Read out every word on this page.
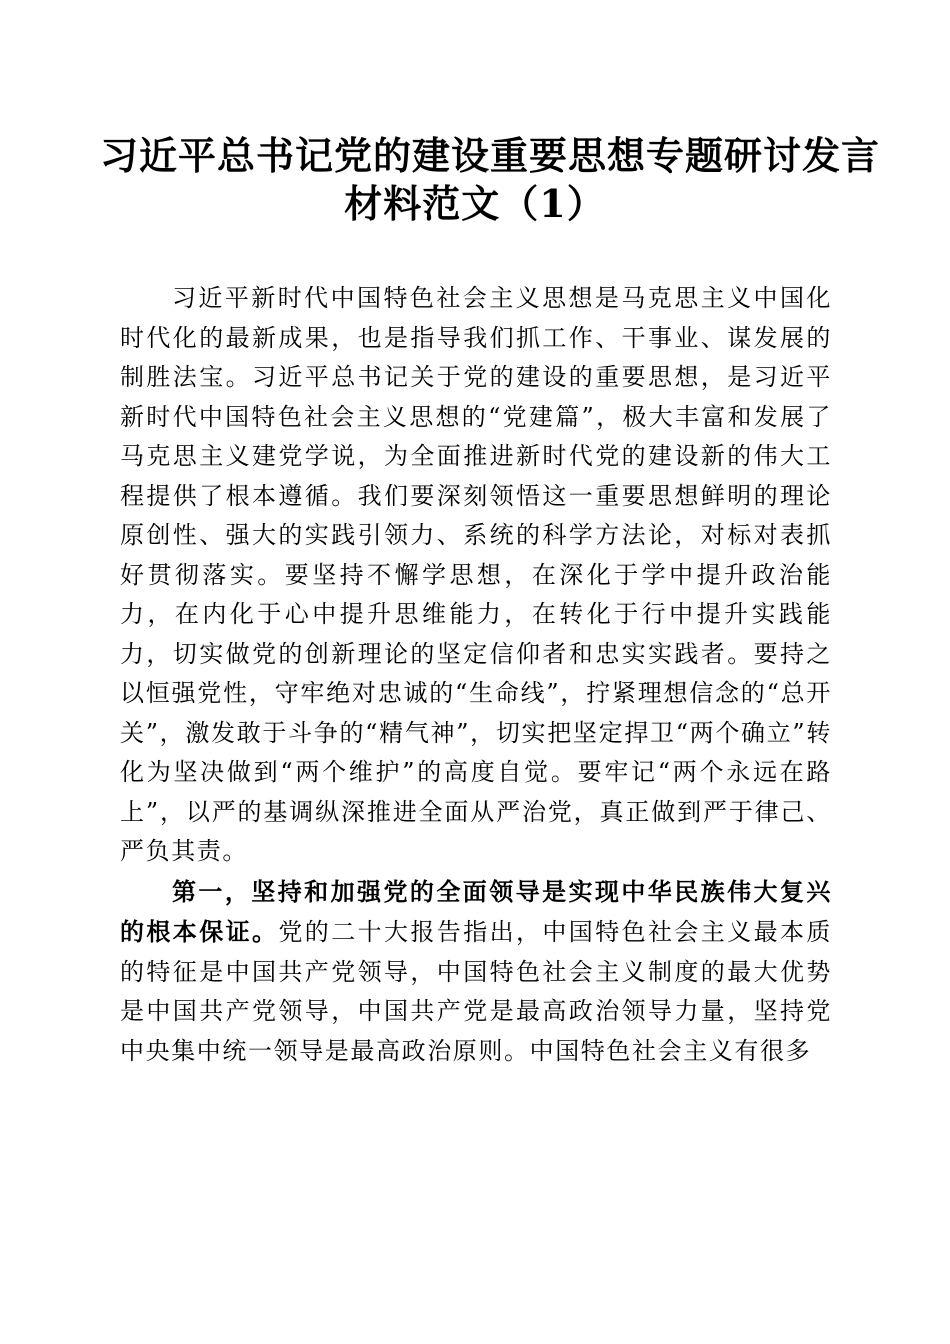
习近平总书记党的建设重要思想专题研讨发言
材料范文（1）

习近平新时代中国特色社会主义思想是马克思主义中国化时代化的最新成果，也是指导我们抓工作、干事业、谋发展的制胜法宝。习近平总书记关于党的建设的重要思想，是习近平新时代中国特色社会主义思想的“党建篇”，极大丰富和发展了马克思主义建党学说，为全面推进新时代党的建设新的伟大工程提供了根本遵循。我们要深刻领悟这一重要思想鲜明的理论原创性、强大的实践引领力、系统的科学方法论，对标对表抓好贯彻落实。要坚持不懈学思想，在深化于学中提升政治能力，在内化于心中提升思维能力，在转化于行中提升实践能力，切实做党的创新理论的坚定信仰者和忠实实践者。要持之以恒强党性，守牢绝对忠诚的“生命线”，拧紧理想信念的“总开关”，激发敢于斗争的“精气神”，切实把坚定捍卫“两个确立”转化为坚决做到“两个维护”的高度自觉。要牢记“两个永远在路上”，以严的基调纵深推进全面从严治党，真正做到严于律己、严负其责。

第一，坚持和加强党的全面领导是实现中华民族伟大复兴的根本保证。党的二十大报告指出，中国特色社会主义最本质的特征是中国共产党领导，中国特色社会主义制度的最大优势是中国共产党领导，中国共产党是最高政治领导力量，坚持党中央集中统一领导是最高政治原则。中国特色社会主义有很多
